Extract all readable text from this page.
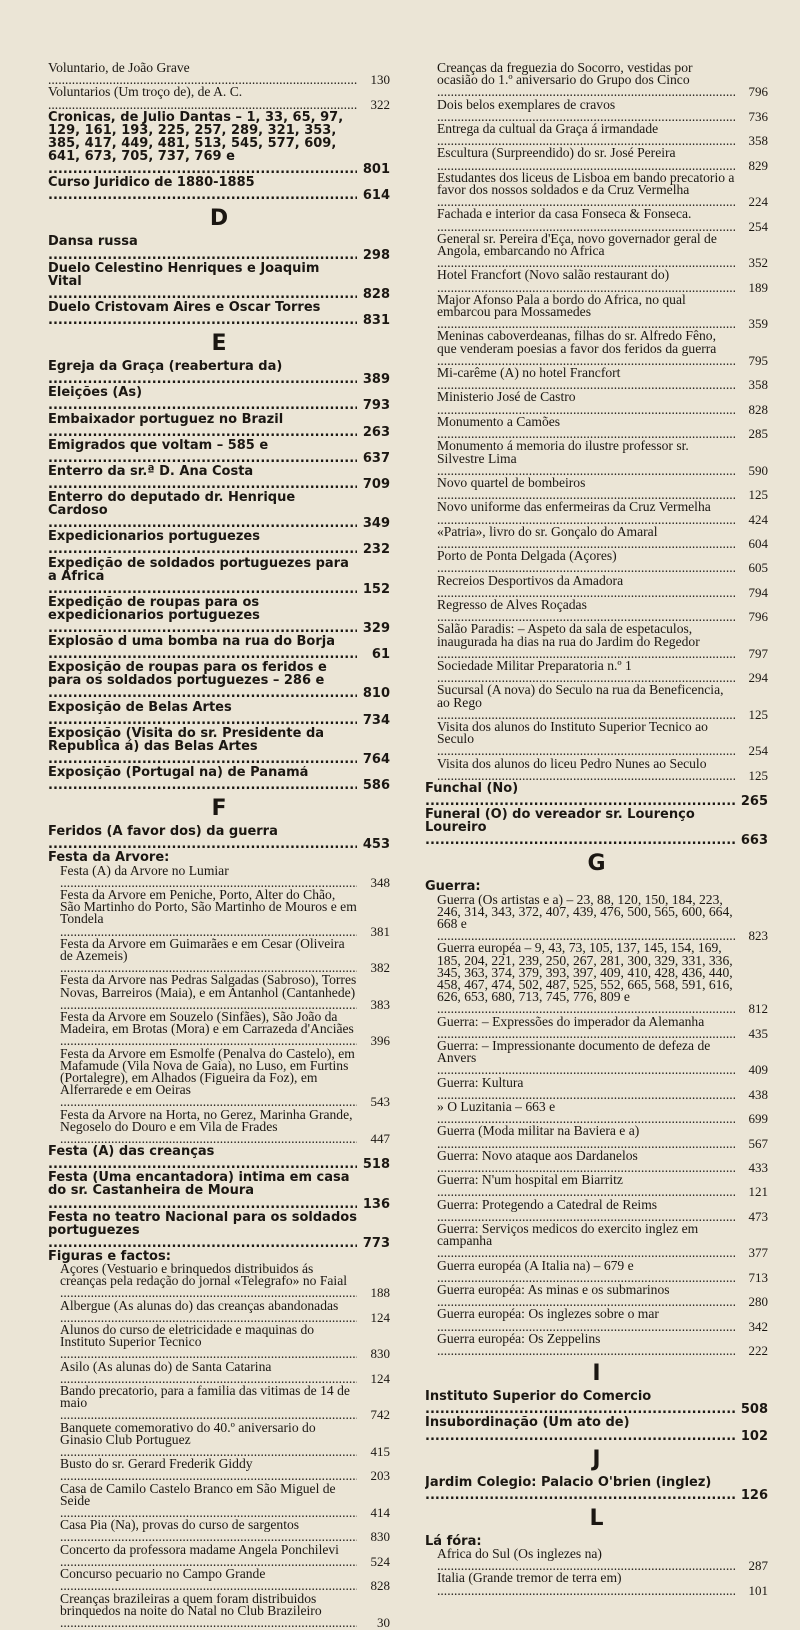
Voluntario, de João Grave .....
130
Voluntarios (Um troço de), de A. C. .....
322
Cronicas, de Julio Dantas – 1, 33, 65, 97, 129, 161, 193, 225, 257, 289, 321, 353, 385, 417, 449, 481, 513, 545, 577, 609, 641, 673, 705, 737, 769 e .....
801
Curso Juridico de 1880-1885 .....
614
D
Dansa russa .....
298
Duelo Celestino Henriques e Joaquim Vital .....
828
Duelo Cristovam Aires e Oscar Torres .....
831
E
Egreja da Graça (reabertura da) .....
389
Eleições (As) .....
793
Embaixador portuguez no Brazil .....
263
Emigrados que voltam – 585 e .....
637
Enterro da sr.ª D. Ana Costa .....
709
Enterro do deputado dr. Henrique Cardoso .....
349
Expedicionarios portuguezes .....
232
Expedição de soldados portuguezes para a Africa .....
152
Expedição de roupas para os expedicionarios portuguezes .....
329
Explosão d uma bomba na rua do Borja .....
61
Exposição de roupas para os feridos e para os soldados portuguezes – 286 e .....
810
Exposição de Belas Artes .....
734
Exposição (Visita do sr. Presidente da Republica á) das Belas Artes .....
764
Exposição (Portugal na) de Panamá .....
586
F
Feridos (A favor dos) da guerra .....
453
Festa da Arvore:
Festa (A) da Arvore no Lumiar .....
348
Festa da Arvore em Peniche, Porto, Alter do Chão, São Martinho do Porto, São Martinho de Mouros e em Tondela .....
381
Festa da Arvore em Guimarães e em Cesar (Oliveira de Azemeis) .....
382
Festa da Arvore nas Pedras Salgadas (Sabroso), Torres Novas, Barreiros (Maia), e em Antanhol (Cantanhede) .....
383
Festa da Arvore em Souzelo (Sinfães), São João da Madeira, em Brotas (Mora) e em Carrazeda d'Anciães .....
396
Festa da Arvore em Esmolfe (Penalva do Castelo), em Mafamude (Vila Nova de Gaia), no Luso, em Furtins (Portalegre), em Alhados (Figueira da Foz), em Alferrarede e em Oeiras .....
543
Festa da Arvore na Horta, no Gerez, Marinha Grande, Negoselo do Douro e em Vila de Frades .....
447
Festa (A) das creanças .....
518
Festa (Uma encantadora) intima em casa do sr. Castanheira de Moura .....
136
Festa no teatro Nacional para os soldados portuguezes .....
773
Figuras e factos:
Açores (Vestuario e brinquedos distribuidos ás creanças pela redação do jornal «Telegrafo» no Faial .....
188
Albergue (As alunas do) das creanças abandonadas .....
124
Alunos do curso de eletricidade e maquinas do Instituto Superior Tecnico .....
830
Asilo (As alunas do) de Santa Catarina .....
124
Bando precatorio, para a familia das vitimas de 14 de maio .....
742
Banquete comemorativo do 40.º aniversario do Ginasio Club Portuguez .....
415
Busto do sr. Gerard Frederik Giddy .....
203
Casa de Camilo Castelo Branco em São Miguel de Seide .....
414
Casa Pia (Na), provas do curso de sargentos .....
830
Concerto da professora madame Angela Ponchilevi .....
524
Concurso pecuario no Campo Grande .....
828
Creanças brazileiras a quem foram distribuidos brinquedos na noite do Natal no Club Brazileiro .....
30
Creanças da freguezia do Socorro, vestidas por ocasião do 1.º aniversario do Grupo dos Cinco .....
796
Dois belos exemplares de cravos .....
736
Entrega da cultual da Graça á irmandade .....
358
Escultura (Surpreendido) do sr. José Pereira .....
829
Estudantes dos liceus de Lisboa em bando precatorio a favor dos nossos soldados e da Cruz Vermelha .....
224
Fachada e interior da casa Fonseca & Fonseca. .....
254
General sr. Pereira d'Eça, novo governador geral de Angola, embarcando no Africa .....
352
Hotel Francfort (Novo salão restaurant do) .....
189
Major Afonso Pala a bordo do Africa, no qual embarcou para Mossamedes .....
359
Meninas caboverdeanas, filhas do sr. Alfredo Fêno, que venderam poesias a favor dos feridos da guerra .....
795
Mi-carême (A) no hotel Francfort .....
358
Ministerio José de Castro .....
828
Monumento a Camões .....
285
Monumento á memoria do ilustre professor sr. Silvestre Lima .....
590
Novo quartel de bombeiros .....
125
Novo uniforme das enfermeiras da Cruz Vermelha .....
424
«Patria», livro do sr. Gonçalo do Amaral .....
604
Porto de Ponta Delgada (Açores) .....
605
Recreios Desportivos da Amadora .....
794
Regresso de Alves Roçadas .....
796
Salão Paradis: – Aspeto da sala de espetaculos, inaugurada ha dias na rua do Jardim do Regedor .....
797
Sociedade Militar Preparatoria n.º 1 .....
294
Sucursal (A nova) do Seculo na rua da Beneficencia, ao Rego .....
125
Visita dos alunos do Instituto Superior Tecnico ao Seculo .....
254
Visita dos alunos do liceu Pedro Nunes ao Seculo .....
125
Funchal (No) .....
265
Funeral (O) do vereador sr. Lourenço Loureiro .....
663
G
Guerra:
Guerra (Os artistas e a) – 23, 88, 120, 150, 184, 223, 246, 314, 343, 372, 407, 439, 476, 500, 565, 600, 664, 668 e .....
823
Guerra européa – 9, 43, 73, 105, 137, 145, 154, 169, 185, 204, 221, 239, 250, 267, 281, 300, 329, 331, 336, 345, 363, 374, 379, 393, 397, 409, 410, 428, 436, 440, 458, 467, 474, 502, 487, 525, 552, 665, 568, 591, 616, 626, 653, 680, 713, 745, 776, 809 e .....
812
Guerra: – Expressões do imperador da Alemanha .....
435
Guerra: – Impressionante documento de defeza de Anvers .....
409
Guerra: Kultura .....
438
» O Luzitania – 663 e .....
699
Guerra (Moda militar na Baviera e a) .....
567
Guerra: Novo ataque aos Dardanelos .....
433
Guerra: N'um hospital em Biarritz .....
121
Guerra: Protegendo a Catedral de Reims .....
473
Guerra: Serviços medicos do exercito inglez em campanha .....
377
Guerra européa (A Italia na) – 679 e .....
713
Guerra européa: As minas e os submarinos .....
280
Guerra européa: Os inglezes sobre o mar .....
342
Guerra européa: Os Zeppelins .....
222
I
Instituto Superior do Comercio .....
508
Insubordinação (Um ato de) .....
102
J
Jardim Colegio: Palacio O'brien (inglez) .....
126
L
Lá fóra:
Africa do Sul (Os inglezes na) .....
287
Italia (Grande tremor de terra em) .....
101
